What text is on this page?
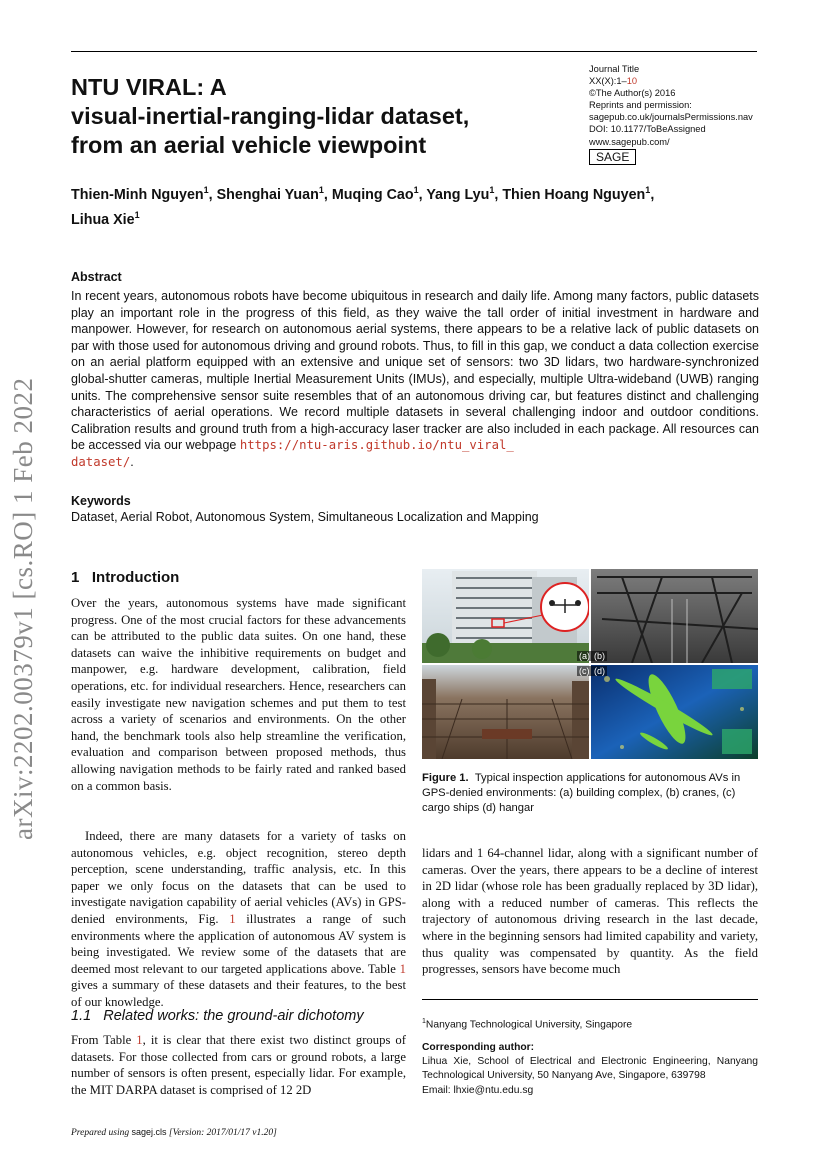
NTU VIRAL: A
visual-inertial-ranging-lidar dataset,
from an aerial vehicle viewpoint
Journal Title
XX(X):1–10
©The Author(s) 2016
Reprints and permission:
sagepub.co.uk/journalsPermissions.nav
DOI: 10.1177/ToBeAssigned
www.sagepub.com/
SAGE
Thien-Minh Nguyen$^1$, Shenghai Yuan$^1$, Muqing Cao$^1$, Yang Lyu$^1$, Thien Hoang Nguyen$^1$,
Lihua Xie$^1$
Abstract
In recent years, autonomous robots have become ubiquitous in research and daily life. Among many factors, public datasets play an important role in the progress of this field, as they waive the tall order of initial investment in hardware and manpower. However, for research on autonomous aerial systems, there appears to be a relative lack of public datasets on par with those used for autonomous driving and ground robots. Thus, to fill in this gap, we conduct a data collection exercise on an aerial platform equipped with an extensive and unique set of sensors: two 3D lidars, two hardware-synchronized global-shutter cameras, multiple Inertial Measurement Units (IMUs), and especially, multiple Ultra-wideband (UWB) ranging units. The comprehensive sensor suite resembles that of an autonomous driving car, but features distinct and challenging characteristics of aerial operations. We record multiple datasets in several challenging indoor and outdoor conditions. Calibration results and ground truth from a high-accuracy laser tracker are also included in each package. All resources can be accessed via our webpage https://ntu-aris.github.io/ntu_viral_
dataset/.
Keywords
Dataset, Aerial Robot, Autonomous System, Simultaneous Localization and Mapping
1 Introduction
Over the years, autonomous systems have made significant progress. One of the most crucial factors for these advancements can be attributed to the public data suites. On one hand, these datasets can waive the inhibitive requirements on budget and manpower, e.g. hardware development, calibration, field operations, etc. for individual researchers. Hence, researchers can easily investigate new navigation schemes and put them to test across a variety of scenarios and environments. On the other hand, the benchmark tools also help streamline the verification, evaluation and comparison between proposed methods, thus allowing navigation methods to be fairly rated and ranked based on a common basis.
Indeed, there are many datasets for a variety of tasks on autonomous vehicles, e.g. object recognition, stereo depth perception, scene understanding, traffic analysis, etc. In this paper we only focus on the datasets that can be used to investigate navigation capability of aerial vehicles (AVs) in GPS-denied environments, Fig. 1 illustrates a range of such environments where the application of autonomous AV system is being investigated. We review some of the datasets that are deemed most relevant to our targeted applications above. Table 1 gives a summary of these datasets and their features, to the best of our knowledge.
1.1 Related works: the ground-air dichotomy
From Table 1, it is clear that there exist two distinct groups of datasets. For those collected from cars or ground robots, a large number of sensors is often present, especially lidar. For example, the MIT DARPA dataset is comprised of 12 2D
(a) (b)
(c) (d)
Figure 1. Typical inspection applications for autonomous AVs in GPS-denied environments: (a) building complex, (b) cranes, (c) cargo ships (d) hangar
lidars and 1 64-channel lidar, along with a significant number of cameras. Over the years, there appears to be a decline of interest in 2D lidar (whose role has been gradually replaced by 3D lidar), along with a reduced number of cameras. This reflects the trajectory of autonomous driving research in the last decade, where in the beginning sensors had limited capability and variety, thus quality was compensated by quantity. As the field progresses, sensors have become much
$^1$Nanyang Technological University, Singapore
Corresponding author:
Lihua Xie, School of Electrical and Electronic Engineering, Nanyang Technological University, 50 Nanyang Ave, Singapore, 639798
Email: lhxie@ntu.edu.sg
arXiv:2202.00379v1 [cs.RO] 1 Feb 2022
Prepared using sagej.cls [Version: 2017/01/17 v1.20]
